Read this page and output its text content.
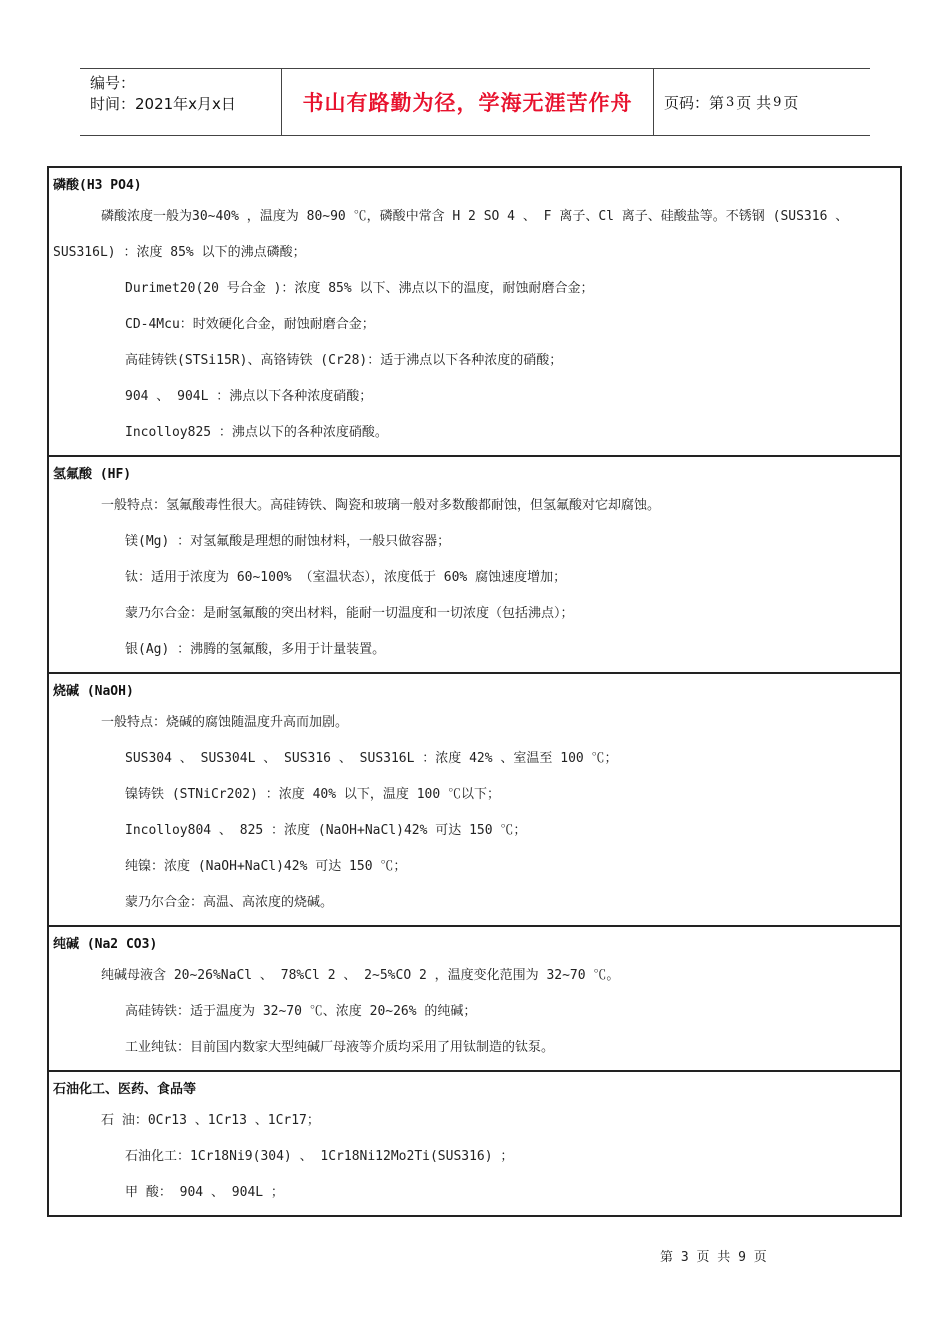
编号：
时间：2021年x月x日	书山有路勤为径，学海无涯苦作舟	页码：第 3 页 共 9 页
磷酸(H3 PO4)
磷酸浓度一般为30~40% ，温度为 80~90 ℃，磷酸中常含 H 2 SO 4 、 F 离子、Cl 离子、硅酸盐等。不锈钢 (SUS316 、
SUS316L) ：浓度 85% 以下的沸点磷酸；
Durimet20(20 号合金 )：浓度 85% 以下、沸点以下的温度，耐蚀耐磨合金；
CD-4Mcu：时效硬化合金，耐蚀耐磨合金；
高硅铸铁(STSi15R)、高铬铸铁 (Cr28)：适于沸点以下各种浓度的硝酸；
904 、 904L ：沸点以下各种浓度硝酸；
Incolloy825 ：沸点以下的各种浓度硝酸。
氢氟酸 (HF)
一般特点：氢氟酸毒性很大。高硅铸铁、陶瓷和玻璃一般对多数酸都耐蚀，但氢氟酸对它却腐蚀。
镁(Mg) ：对氢氟酸是理想的耐蚀材料，一般只做容器；
钛：适用于浓度为 60~100% （室温状态），浓度低于 60% 腐蚀速度增加；
蒙乃尔合金：是耐氢氟酸的突出材料，能耐一切温度和一切浓度（包括沸点）；
银(Ag) ：沸腾的氢氟酸，多用于计量装置。
烧碱 (NaOH)
一般特点：烧碱的腐蚀随温度升高而加剧。
SUS304 、 SUS304L 、 SUS316 、 SUS316L ：浓度 42% 、室温至 100 ℃；
镍铸铁 (STNiCr202) ：浓度 40% 以下，温度 100 ℃以下；
Incolloy804 、 825 ：浓度 (NaOH+NaCl)42% 可达 150 ℃；
纯镍：浓度 (NaOH+NaCl)42% 可达 150 ℃；
蒙乃尔合金：高温、高浓度的烧碱。
纯碱 (Na2 CO3)
纯碱母液含 20~26%NaCl 、 78%Cl 2 、 2~5%CO 2 ，温度变化范围为 32~70 ℃。
高硅铸铁：适于温度为 32~70 ℃、浓度 20~26% 的纯碱；
工业纯钛：目前国内数家大型纯碱厂母液等介质均采用了用钛制造的钛泵。
石油化工、医药、食品等
石 油：0Cr13 、1Cr13 、1Cr17；
石油化工：1Cr18Ni9(304) 、 1Cr18Ni12Mo2Ti(SUS316) ；
甲 酸： 904 、 904L ；
第 3 页 共 9 页
